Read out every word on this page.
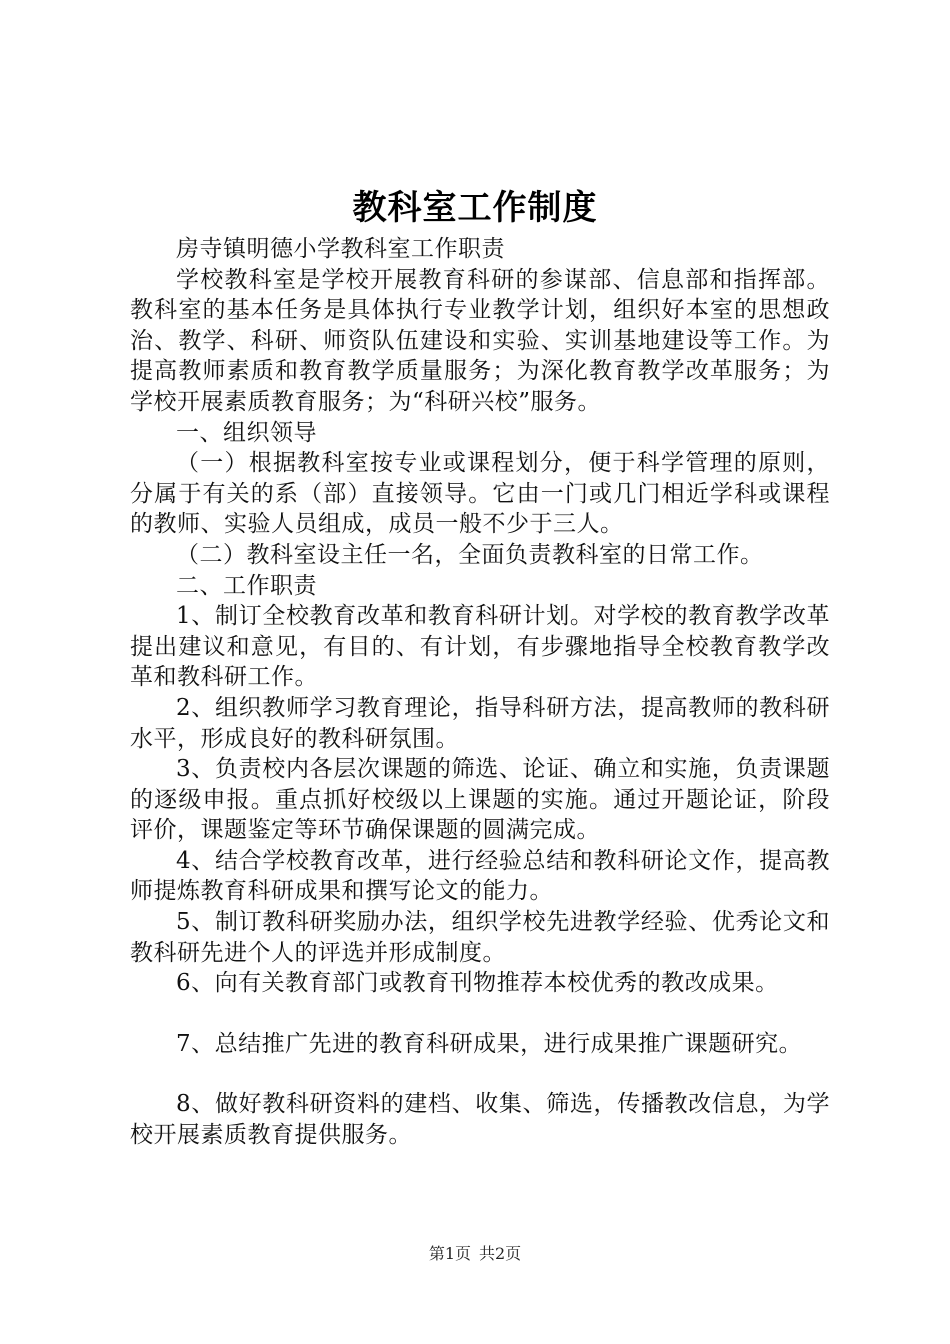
教科室工作制度

房寺镇明德小学教科室工作职责

学校教科室是学校开展教育科研的参谋部、信息部和指挥部。教科室的基本任务是具体执行专业教学计划，组织好本室的思想政治、教学、科研、师资队伍建设和实验、实训基地建设等工作。为提高教师素质和教育教学质量服务；为深化教育教学改革服务；为学校开展素质教育服务；为“科研兴校”服务。

一、组织领导

（一）根据教科室按专业或课程划分，便于科学管理的原则，分属于有关的系（部）直接领导。它由一门或几门相近学科或课程的教师、实验人员组成，成员一般不少于三人。

（二）教科室设主任一名，全面负责教科室的日常工作。

二、工作职责

1、制订全校教育改革和教育科研计划。对学校的教育教学改革提出建议和意见，有目的、有计划，有步骤地指导全校教育教学改革和教科研工作。

2、组织教师学习教育理论，指导科研方法，提高教师的教科研水平，形成良好的教科研氛围。

3、负责校内各层次课题的筛选、论证、确立和实施，负责课题的逐级申报。重点抓好校级以上课题的实施。通过开题论证，阶段评价，课题鉴定等环节确保课题的圆满完成。

4、结合学校教育改革，进行经验总结和教科研论文作，提高教师提炼教育科研成果和撰写论文的能力。

5、制订教科研奖励办法，组织学校先进教学经验、优秀论文和教科研先进个人的评选并形成制度。

6、向有关教育部门或教育刊物推荐本校优秀的教改成果。

7、总结推广先进的教育科研成果，进行成果推广课题研究。

8、做好教科研资料的建档、收集、筛选，传播教改信息，为学校开展素质教育提供服务。

第1页 共2页
